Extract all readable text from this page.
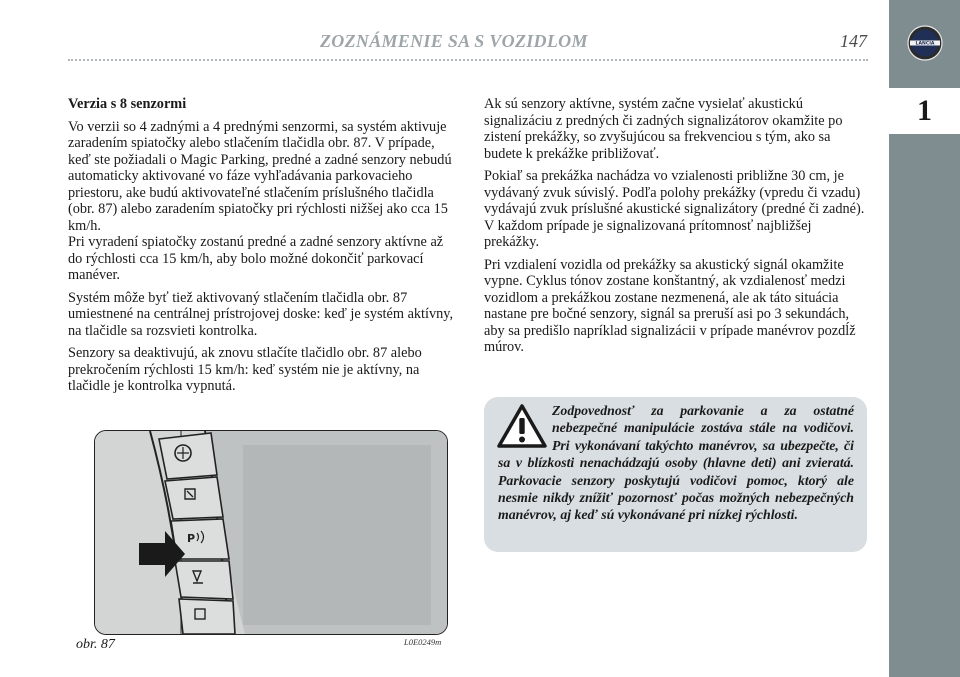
LANCIA
1
ZOZNÁMENIE SA S VOZIDLOM	147

Verzia s 8 senzormi

Vo verzii so 4 zadnými a 4 prednými senzormi, sa systém aktivuje zaradením spiatočky alebo stlačením tlačidla obr. 87. V prípade, keď ste požiadali o Magic Parking, predné a zadné senzory nebudú automaticky aktivované vo fáze vyhľadávania parkovacieho priestoru, ake budú aktivovateľné stlačením príslušného tlačidla (obr. 87) alebo zaradením spiatočky pri rýchlosti nižšej ako cca 15 km/h.

Pri vyradení spiatočky zostanú predné a zadné senzory aktívne až do rýchlosti cca 15 km/h, aby bolo možné dokončiť parkovací manéver.

Systém môže byť tiež aktivovaný stlačením tlačidla obr. 87 umiestnené na centrálnej prístrojovej doske: keď je systém aktívny, na tlačidle sa rozsvieti kontrolka.

Senzory sa deaktivujú, ak znovu stlačíte tlačidlo obr. 87 alebo prekročením rýchlosti 15 km/h: keď systém nie je aktívny, na tlačidle je kontrolka vypnutá.

Ak sú senzory aktívne, systém začne vysielať akustickú signalizáciu z predných či zadných signalizátorov okamžite po zistení prekážky, so zvyšujúcou sa frekvenciou s tým, ako sa budete k prekážke približovať.

Pokiaľ sa prekážka nachádza vo vzialenosti približne 30 cm, je vydávaný zvuk súvislý. Podľa polohy prekážky (vpredu či vzadu) vydávajú zvuk príslušné akustické signalizátory (predné či zadné). V každom prípade je signalizovaná prítomnosť najbližšej prekážky.

Pri vzdialení vozidla od prekážky sa akustický signál okamžite vypne. Cyklus tónov zostane konštantný, ak vzdialenosť medzi vozidlom a prekážkou zostane nezmenená, ale ak táto situácia nastane pre bočné senzory, signál sa preruší asi po 3 sekundách, aby sa predišlo napríklad signalizácii v prípade manévrov pozdĺž múrov.

Zodpovednosť za parkovanie a za ostatné nebezpečné manipulácie zostáva stále na vodičovi. Pri vykonávaní takýchto manévrov, sa ubezpečte, či sa v blízkosti nenachádzajú osoby (hlavne deti) ani zvieratá. Parkovacie senzory poskytujú vodičovi pomoc, ktorý ale nesmie nikdy znížiť pozornosť počas možných nebezpečných manévrov, aj keď sú vykonávané pri nízkej rýchlosti.
P
obr. 87	L0E0249m
